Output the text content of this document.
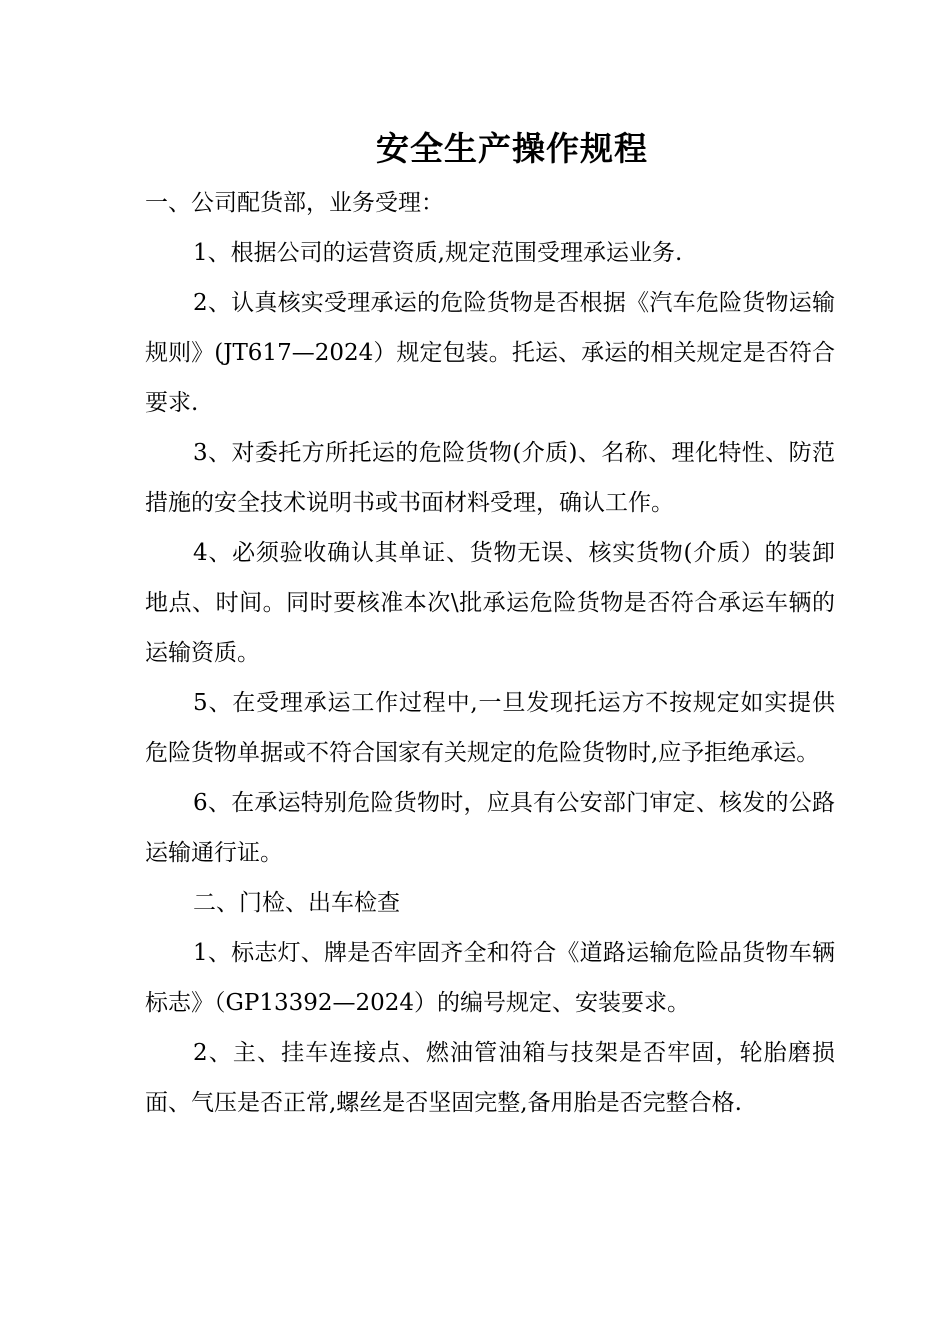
安全生产操作规程

一、公司配货部，业务受理：

1、根据公司的运营资质,规定范围受理承运业务.

2、认真核实受理承运的危险货物是否根据《汽车危险货物运输规则》(JT617—2024）规定包装。托运、承运的相关规定是否符合要求.

3、对委托方所托运的危险货物(介质)、名称、理化特性、防范措施的安全技术说明书或书面材料受理，确认工作。

4、必须验收确认其单证、货物无误、核实货物(介质）的装卸地点、时间。同时要核准本次\批承运危险货物是否符合承运车辆的运输资质。

5、在受理承运工作过程中,一旦发现托运方不按规定如实提供危险货物单据或不符合国家有关规定的危险货物时,应予拒绝承运。

6、在承运特别危险货物时，应具有公安部门审定、核发的公路运输通行证。

二、门检、出车检查

1、标志灯、牌是否牢固齐全和符合《道路运输危险品货物车辆标志》（GP13392—2024）的编号规定、安装要求。

2、主、挂车连接点、燃油管油箱与技架是否牢固，轮胎磨损面、气压是否正常,螺丝是否坚固完整,备用胎是否完整合格.
